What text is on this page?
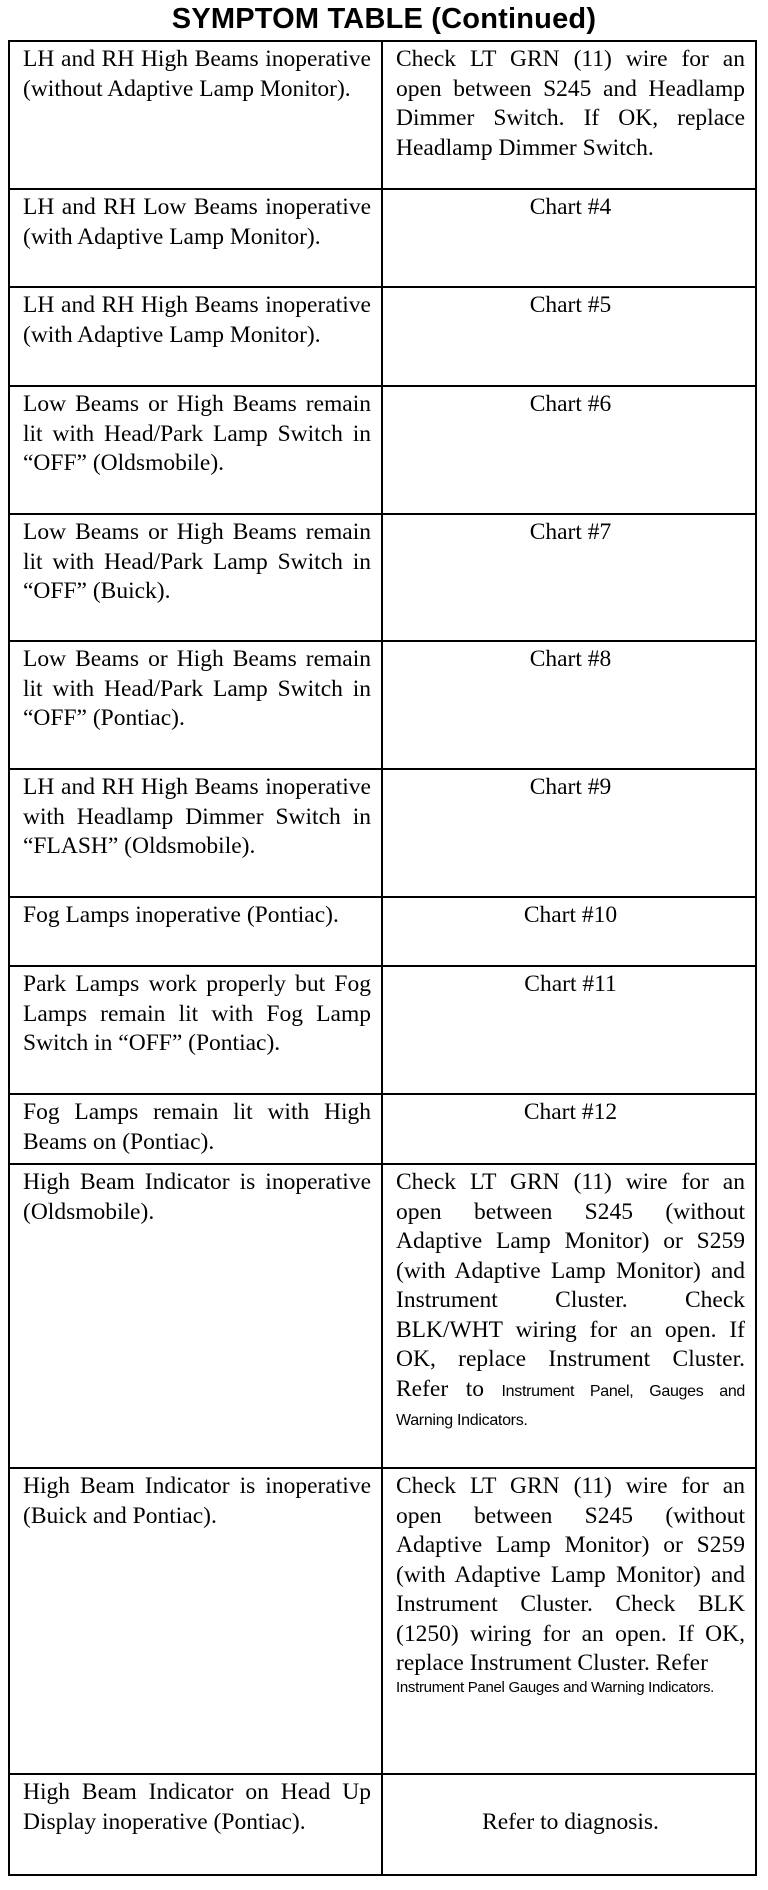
SYMPTOM TABLE (Continued)
LH and RH High Beams inoperative (without Adaptive Lamp Monitor).	Check LT GRN (11) wire for an open between S245 and Headlamp Dimmer Switch. If OK, replace Headlamp Dimmer Switch.
LH and RH Low Beams inoperative (with Adaptive Lamp Monitor).	Chart #4
LH and RH High Beams inoperative (with Adaptive Lamp Monitor).	Chart #5
Low Beams or High Beams remain lit with Head/Park Lamp Switch in “OFF” (Oldsmobile).	Chart #6
Low Beams or High Beams remain lit with Head/Park Lamp Switch in “OFF” (Buick).	Chart #7
Low Beams or High Beams remain lit with Head/Park Lamp Switch in “OFF” (Pontiac).	Chart #8
LH and RH High Beams inoperative with Headlamp Dimmer Switch in “FLASH” (Oldsmobile).	Chart #9
Fog Lamps inoperative (Pontiac).	Chart #10
Park Lamps work properly but Fog Lamps remain lit with Fog Lamp Switch in “OFF” (Pontiac).	Chart #11
Fog Lamps remain lit with High Beams on (Pontiac).	Chart #12
High Beam Indicator is inoperative (Oldsmobile).	Check LT GRN (11) wire for an open between S245 (without Adaptive Lamp Monitor) or S259 (with Adaptive Lamp Monitor) and Instrument Cluster. Check BLK/WHT wiring for an open. If OK, replace Instrument Cluster. Refer to Instrument Panel, Gauges and Warning Indicators.
High Beam Indicator is inoperative (Buick and Pontiac).	Check LT GRN (11) wire for an open between S245 (without Adaptive Lamp Monitor) or S259 (with Adaptive Lamp Monitor) and Instrument Cluster. Check BLK (1250) wiring for an open. If OK, replace Instrument Cluster. Refer
Instrument Panel Gauges and Warning Indicators.

High Beam Indicator on Head Up Display inoperative (Pontiac).	Refer to diagnosis.
